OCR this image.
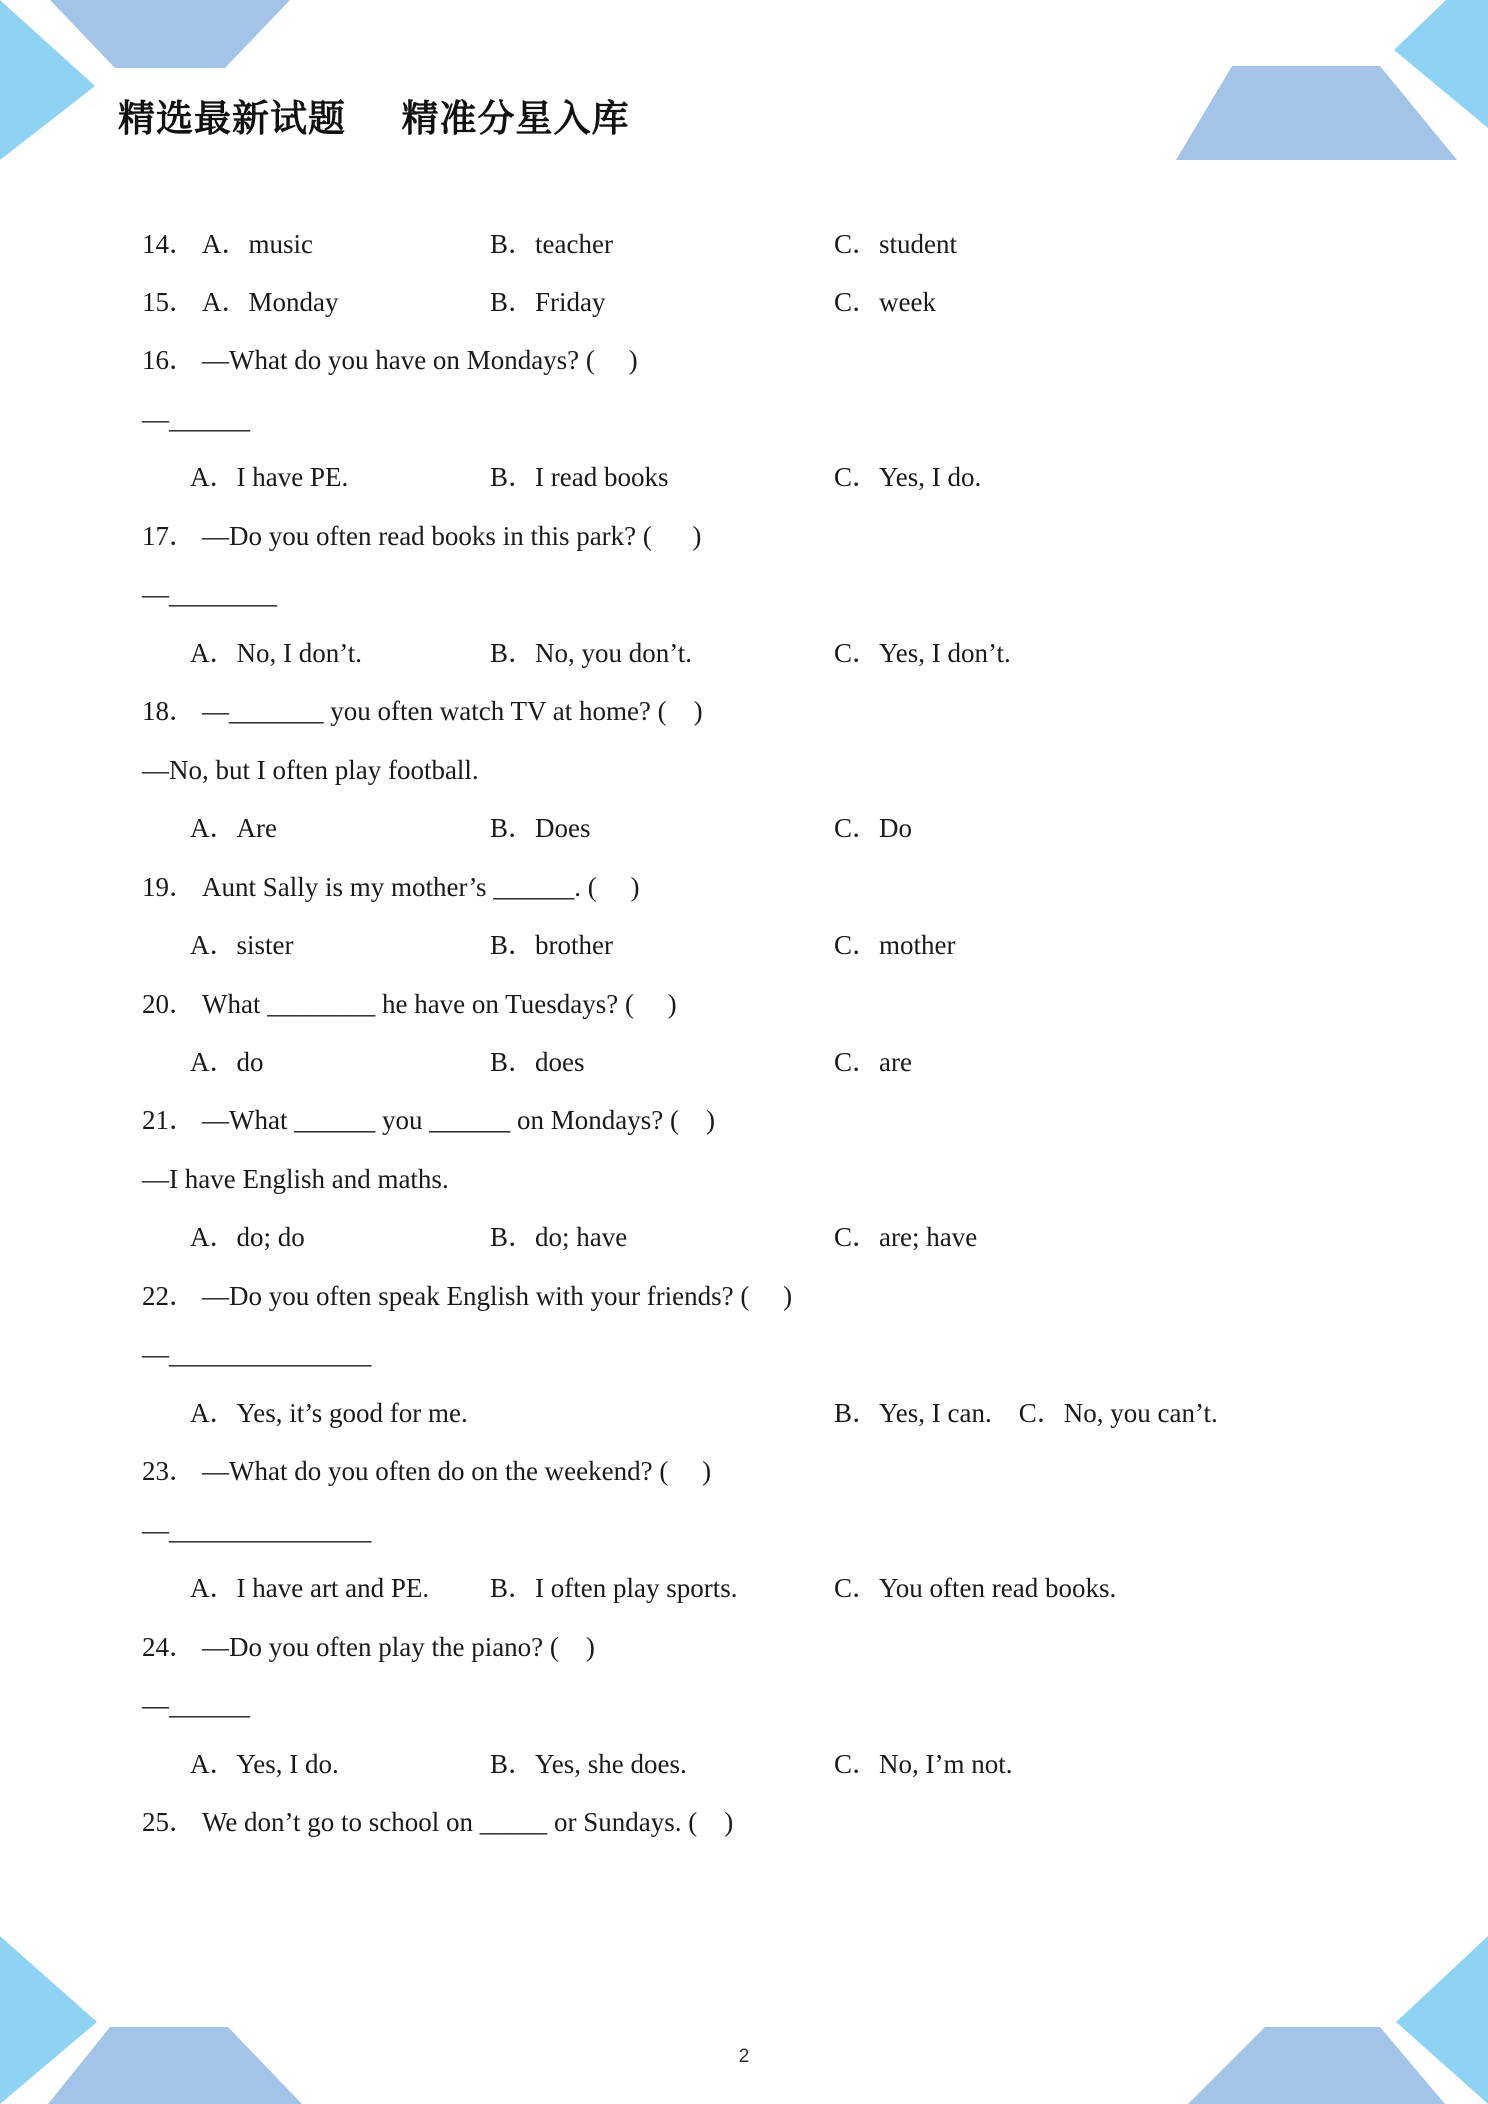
精选最新试题    精准分星入库
14． A．music	B．teacher	C．student
15． A．Monday	B．Friday	C．week
16． —What do you have on Mondays? (     )
—______
A．I have PE.	B．I read books	C．Yes, I do.
17． —Do you often read books in this park? (      )
—________
A．No, I don’t.	B．No, you don’t.	C．Yes, I don’t.
18． —_______ you often watch TV at home? (    )
—No, but I often play football.
A．Are	B．Does	C．Do
19． Aunt Sally is my mother’s ______. (     )
A．sister	B．brother	C．mother
20． What ________ he have on Tuesdays? (     )
A．do	B．does	C．are
21． —What ______ you ______ on Mondays? (    )
—I have English and maths.
A．do; do	B．do; have	C．are; have
22． —Do you often speak English with your friends? (     )
—_______________
A．Yes, it’s good for me.	B．Yes, I can.    C．No, you can’t.
23． —What do you often do on the weekend? (     )
—_______________
A．I have art and PE. B．I often play sports.	C．You often read books.
24． —Do you often play the piano? (    )
—______
A．Yes, I do.	B．Yes, she does.	C．No, I’m not.
25． We don’t go to school on _____ or Sundays. (    )
2
